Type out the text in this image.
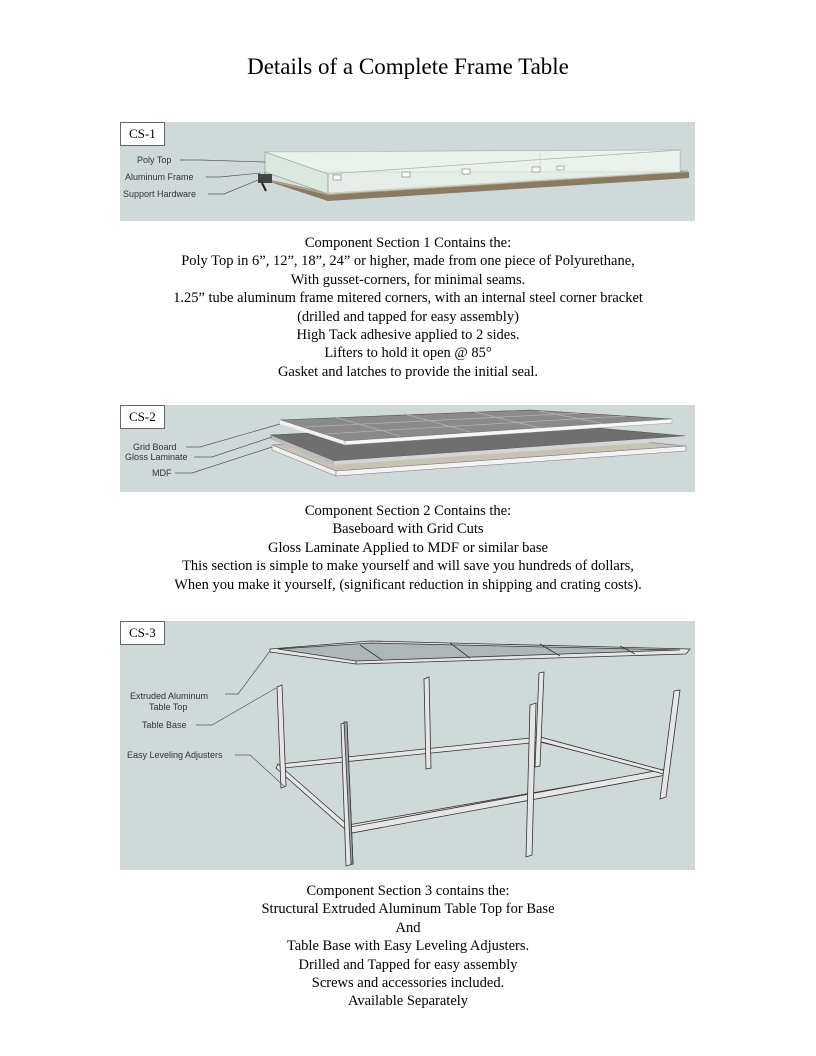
Details of a Complete Frame Table
CS-1
Poly Top
Aluminum Frame
Support Hardware
Component Section 1 Contains the:
Poly Top in 6”, 12”, 18”, 24” or higher, made from one piece of Polyurethane,
With gusset-corners, for minimal seams.
1.25” tube aluminum frame mitered corners, with an internal steel corner bracket
(drilled and tapped for easy assembly)
High Tack adhesive applied to 2 sides.
Lifters to hold it open @ 85°
Gasket and latches to provide the initial seal.
CS-2
Grid Board
Gloss Laminate
MDF
Component Section 2 Contains the:
Baseboard with Grid Cuts
Gloss Laminate Applied to MDF or similar base
This section is simple to make yourself and will save you hundreds of dollars,
When you make it yourself, (significant reduction in shipping and crating costs).
CS-3
Extruded Aluminum
Table Top
Table Base
Easy Leveling Adjusters
Component Section 3 contains the:
Structural Extruded Aluminum Table Top for Base
And
Table Base with Easy Leveling Adjusters.
Drilled and Tapped for easy assembly
Screws and accessories included.
Available Separately
